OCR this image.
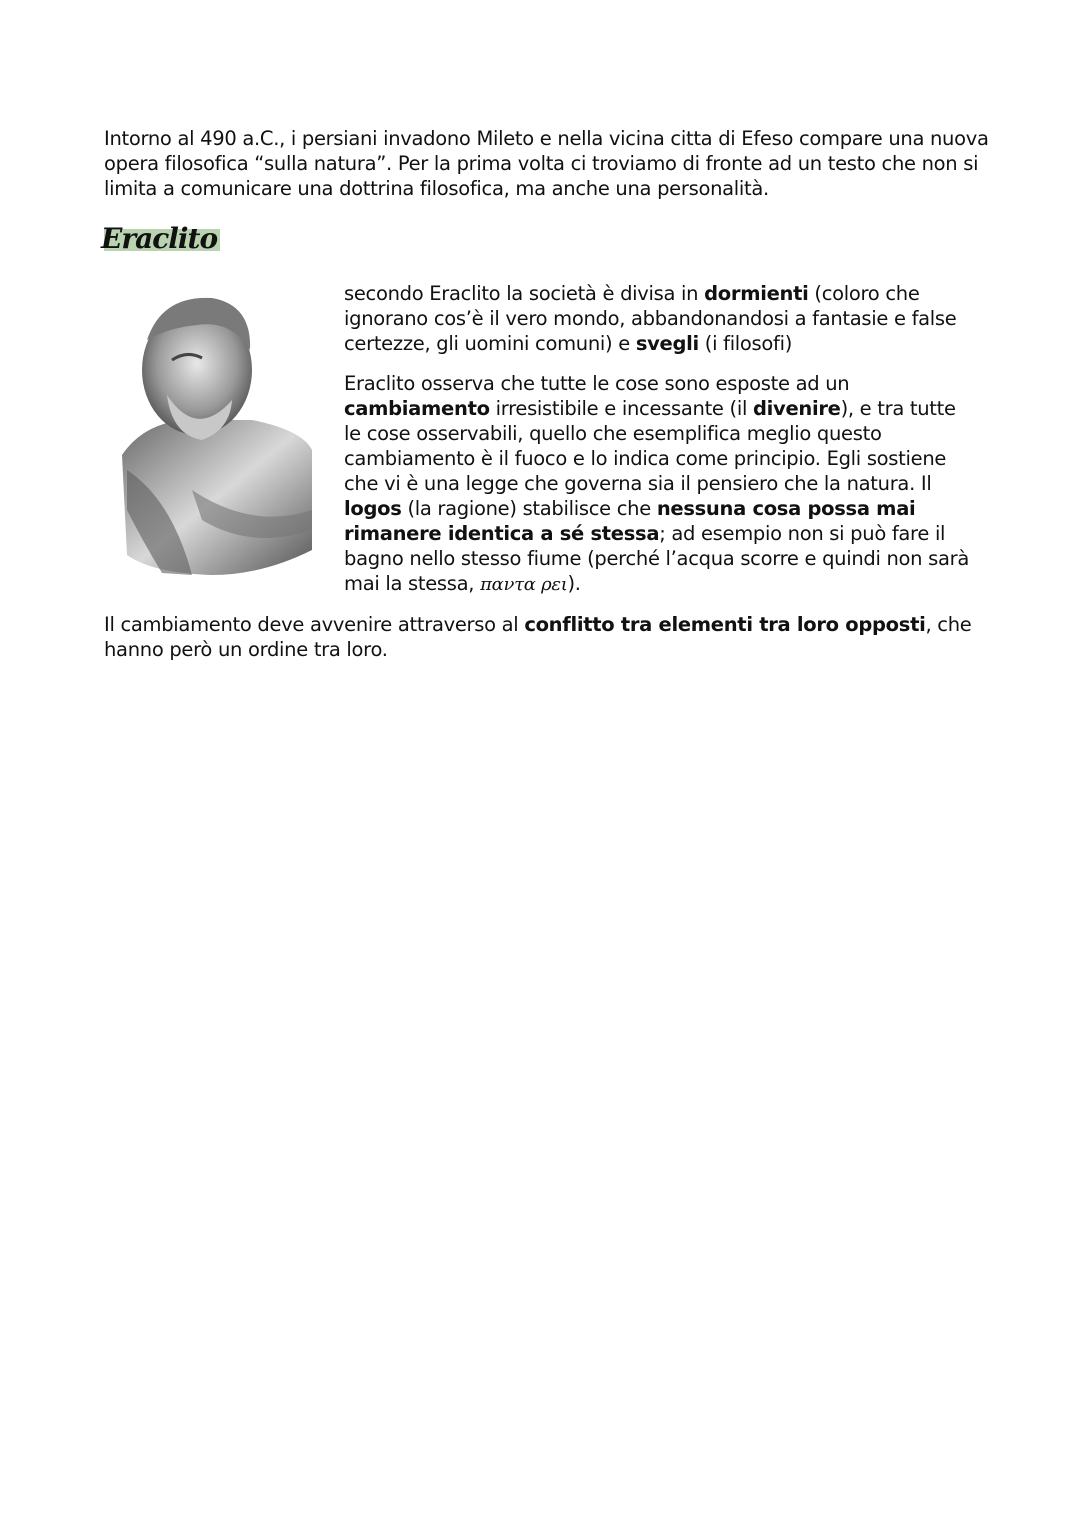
Intorno al 490 a.C., i persiani invadono Mileto e nella vicina citta di Efeso compare una nuova opera filosofica “sulla natura”. Per la prima volta ci troviamo di fronte ad un testo che non si limita a comunicare una dottrina filosofica, ma anche una personalità.
Eraclito
secondo Eraclito la società è divisa in dormienti (coloro che ignorano cos’è il vero mondo, abbandonandosi a fantasie e false certezze, gli uomini comuni) e svegli (i filosofi)
Eraclito osserva che tutte le cose sono esposte ad un cambiamento irresistibile e incessante (il divenire), e tra tutte le cose osservabili, quello che esemplifica meglio questo cambiamento è il fuoco e lo indica come principio. Egli sostiene che vi è una legge che governa sia il pensiero che la natura. Il logos (la ragione) stabilisce che nessuna cosa possa mai rimanere identica a sé stessa; ad esempio non si può fare il bagno nello stesso fiume (perché l’acqua scorre e quindi non sarà mai la stessa, παντα ρει).
Il cambiamento deve avvenire attraverso al conflitto tra elementi tra loro opposti, che hanno però un ordine tra loro.
